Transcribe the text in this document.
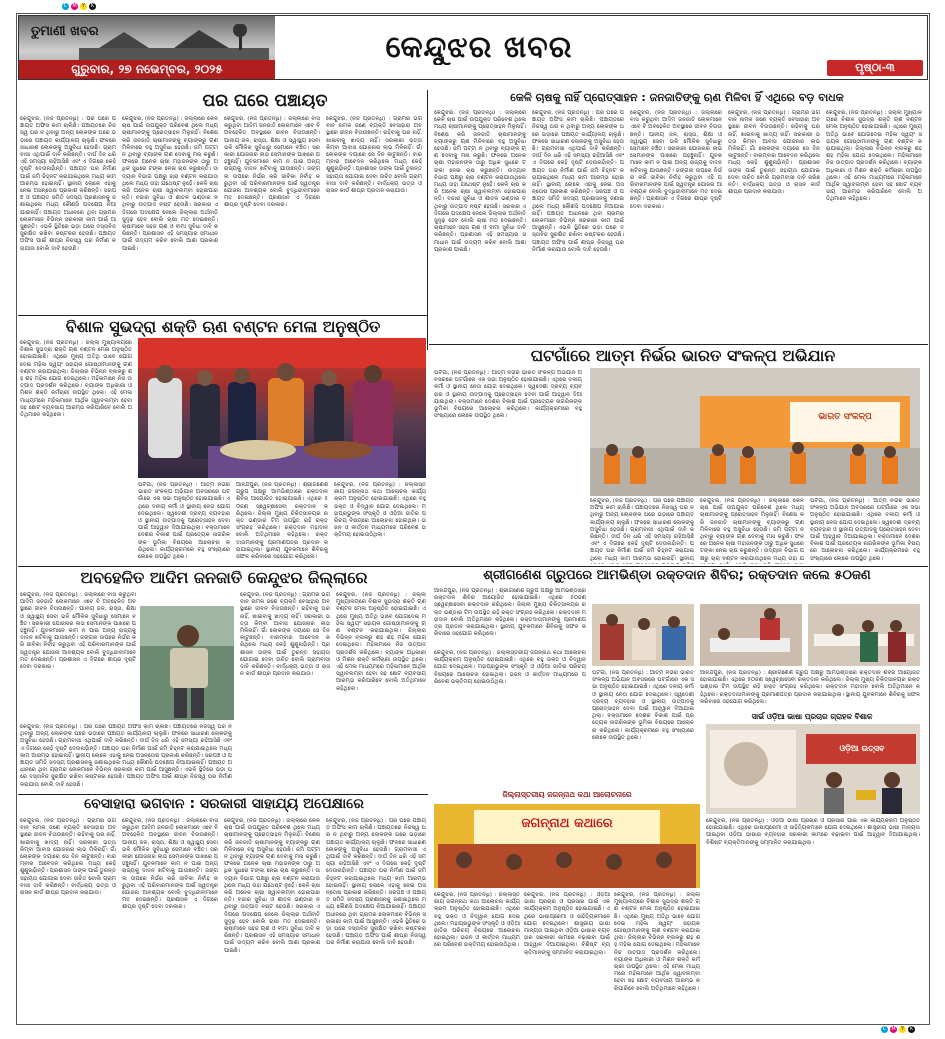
C	M	Y	K
C	M	Y	K
ତୁମାଣୀ ଖବର
ଗୁରୁବାର, ୨୭ ନଭେମ୍ବର, ୨୦୨୫
କେନ୍ଦୁଝର ଖବର
ପୃଷ୍ଠା-୩
ପର ଘରେ ପଞ୍ଚାୟତ
କେନ୍ଦୁଝର, (ନିଜ ପ୍ରତିନିଧି) : ପର ଘରେ ପଞ୍ଚାୟତ ଅଫିସ କାମ ଚାଲିଛି। ପଞ୍ଚାୟତରେ ନିଜସ୍ୱ ଘର ନ ଥିବାରୁ ଅନ୍ୟ ଲୋକଙ୍କ ଘରେ ଭଡ଼ାରେ ପଞ୍ଚାୟତ କାର୍ଯ୍ୟାଳୟ ଚାଲୁଛି। ଫଳରେ ସାଧାରଣ ଲୋକଙ୍କୁ ଅସୁବିଧା ହେଉଛି। ଗ୍ରାମବାସୀ ଏଥିପାଇଁ ଦାବି କରିଛନ୍ତି। ଦୀର୍ଘ ଦିନ ଧରି ଏହି ସମସ୍ୟା ରହିଆସିଛି ଏବଂ ଏ ଦିଗରେ କେହି ଦୃଷ୍ଟି ଦେଉନାହାଁନ୍ତି। ପଞ୍ଚାୟତ ଘର ନିର୍ମାଣ ପାଇଁ ଜମି ଚିହ୍ନଟ କରାଯାଇଥିଲେ ମଧ୍ୟ କାମ ଆରମ୍ଭ ହୋଇନାହିଁ। ସ୍ଥାନୀୟ ଲୋକେ ଏହାକୁ ନେଇ ଅସନ୍ତୋଷ ପ୍ରକାଶ କରିଛନ୍ତି। ସରପଞ୍ଚ ଓ ପଞ୍ଚାୟତ ସମିତି ସଦସ୍ୟ ପ୍ରଶାସନକୁ ଜଣାଇଥିଲେ ମଧ୍ୟ କୌଣସି ପଦକ୍ଷେପ ନିଆଯାଇନାହିଁ। ପଞ୍ଚାୟତ ଅଧୀନରେ ଥିବା ଗ୍ରାମର ଲୋକମାନେ ବିଭିନ୍ନ ସରକାରୀ କାମ ପାଇଁ ଆସୁଛନ୍ତି। ଏଭଳି ସ୍ଥିତିରେ ଭଡ଼ା ଘରେ ଦସ୍ତାବିଜ ସୁରକ୍ଷିତ ରଖିବା କଷ୍ଟକର ହେଉଛି। ପଞ୍ଚାୟତ ଅଫିସ ପାଇଁ ଶୀଘ୍ର ନିଜସ୍ୱ ଘର ନିର୍ମାଣ କରାଯାଉ ବୋଲି ଦାବି ହେଉଛି।
କେନ୍ଦୁଝର, (ନିଜ ପ୍ରତିନିଧି) : ଜିଲ୍ଲାରେ କେଳି ଚାଷ ପାଇଁ ଉପଯୁକ୍ତ ପରିବେଶ ଥିଲେ ମଧ୍ୟ ଚାଷୀମାନଙ୍କୁ ପ୍ରୋତ୍ସାହନ ମିଳୁନାହିଁ। ବିଶେଷ କରି ଜନଜାତି ଚାଷୀମାନଙ୍କୁ ବ୍ୟାଙ୍କରୁ ଋଣ ମିଳିବାରେ ବହୁ ଅସୁବିଧା ହେଉଛି। ଜମି ପଟ୍ଟା ନ ଥିବାରୁ ବ୍ୟାଙ୍କ ଋଣ ଦେବାକୁ ମନା କରୁଛି। ଫଳରେ ଅନେକ ଚାଷୀ ମହାଜନଙ୍କ ଠାରୁ ଅଧିକ ସୁଧରେ ଟଙ୍କା ନେଇ ଚାଷ କରୁଛନ୍ତି। ଉଦ୍ୟାନ ବିଭାଗ ପକ୍ଷରୁ ଚାରା ବଣ୍ଟନ କରାଯାଉଥିଲେ ମଧ୍ୟ ତାହା ଯଥେଷ୍ଟ ନୁହେଁ। କେଳି ଚାଷ କରି ଅନେକ ଚାଷୀ ସ୍ୱାବଲମ୍ବୀ ହୋଇପାରନ୍ତି। ବଜାର ସୁବିଧା ଓ ଶୀତଳ ଭଣ୍ଡାର ନ ଥିବାରୁ ଉତ୍ପାଦ ନଷ୍ଟ ହେଉଛି। ସରକାର ଏ ଦିଗରେ ପଦକ୍ଷେପ ନେଲେ ଜିଲ୍ଲାର ଅର୍ଥନୀତି ସୁଦୃଢ଼ ହେବ ବୋଲି ଚାଷୀ ମତ ଦେଇଛନ୍ତି। ଚାଷୀମାନେ ସହଜ ଋଣ ଓ ବୀମା ସୁବିଧା ଦାବି କରିଛନ୍ତି। ପ୍ରଶାସନ ଏହି ସମସ୍ୟାର ସମାଧାନ ପାଇଁ ଉଦ୍ୟମ କରିବ ବୋଲି ଆଶା ପ୍ରକାଶ ପାଇଛି।
କେନ୍ଦୁଝର, (ନିଜ ପ୍ରତିନିଧି) : ଜିଲ୍ଲାରେ ବାସ କରୁଥିବା ଆଦିମ ଜନଜାତି ଲୋକମାନେ ଏବେ ବି ଅବହେଳିତ ଅବସ୍ଥାରେ ଜୀବନ ବିତାଉଛନ୍ତି। ପାନୀୟ ଜଳ, ରାସ୍ତା, ଶିକ୍ଷା ଓ ସ୍ୱାସ୍ଥ୍ୟ ସେବା ଭଳି ମୌଳିକ ସୁବିଧାରୁ ସେମାନେ ବଞ୍ଚିତ। ସରକାରୀ ଯୋଜନାର ଲାଭ ସେମାନଙ୍କ ପାଖରେ ପହଞ୍ଚୁନାହିଁ। ଯୁବକମାନେ କାମ ନ ପାଇ ଅନ୍ୟ ରାଜ୍ୟକୁ ଦାଦନ ଖଟିବାକୁ ଯାଉଛନ୍ତି। ଜଙ୍ଗଲ ଉପରେ ନିର୍ଭର କରି ଜୀବିକା ନିର୍ବାହ କରୁଥିବା ଏହି ପରିବାରମାନଙ୍କ ପାଇଁ ସ୍ୱତନ୍ତ୍ର ଯୋଜନା ଆବଶ୍ୟକ ବୋଲି ବୁଦ୍ଧିଜୀବୀମାନେ ମତ ଦେଇଛନ୍ତି। ପ୍ରଶାସନ ଏ ଦିଗରେ ଶୀଘ୍ର ଦୃଷ୍ଟି ଦେବା ଦରକାର।
କେନ୍ଦୁଝର, (ନିଜ ପ୍ରତିନିଧି) : ଗ୍ରାମର ଭଗବାନ ନାମକ ଜଣେ ବ୍ୟକ୍ତି ବେସାହାରା ଅବସ୍ଥାରେ ଜୀବନ ବିତାଉଛନ୍ତି। ରହିବାକୁ ଘର ନାହିଁ, ଖାଇବାକୁ ଖାଦ୍ୟ ନାହିଁ। ସରକାରୀ ଭତ୍ତା କିମ୍ବା ଆବାସ ଯୋଜନାର ଲାଭ ମିଳିନାହିଁ। ଗାଁ ଲୋକଙ୍କ ଦୟାରେ ସେ ଦିନ କାଟୁଛନ୍ତି। ବାରମ୍ବାର ଆବେଦନ କରିଥିଲେ ମଧ୍ୟ କେହି ଶୁଣୁନାହାଁନ୍ତି। ପ୍ରଶାସନ ତାଙ୍କ ପାଇଁ ତୁରନ୍ତ ସହାୟତା ଯୋଗାଇ ଦେବା ଉଚିତ ବୋଲି ଗ୍ରାମବାସୀ ଦାବି କରିଛନ୍ତି। ବାର୍ଦ୍ଧକ୍ୟ ଭତ୍ତା ଓ ରାସନ କାର୍ଡ ଶୀଘ୍ର ପ୍ରଦାନ କରାଯାଉ।
କେଳି ଚାଷକୁ ନାହିଁ ପ୍ରୋତ୍ସାହନ : ଜନଜାତିଙ୍କୁ ଋଣ ମିଳିବା ହିଁ ଏଥିରେ ବଡ଼ ବାଧକ
କେନ୍ଦୁଝର, (ନିଜ ପ୍ରତିନିଧି) : ଜିଲ୍ଲାରେ କେଳି ଚାଷ ପାଇଁ ଉପଯୁକ୍ତ ପରିବେଶ ଥିଲେ ମଧ୍ୟ ଚାଷୀମାନଙ୍କୁ ପ୍ରୋତ୍ସାହନ ମିଳୁନାହିଁ। ବିଶେଷ କରି ଜନଜାତି ଚାଷୀମାନଙ୍କୁ ବ୍ୟାଙ୍କରୁ ଋଣ ମିଳିବାରେ ବହୁ ଅସୁବିଧା ହେଉଛି। ଜମି ପଟ୍ଟା ନ ଥିବାରୁ ବ୍ୟାଙ୍କ ଋଣ ଦେବାକୁ ମନା କରୁଛି। ଫଳରେ ଅନେକ ଚାଷୀ ମହାଜନଙ୍କ ଠାରୁ ଅଧିକ ସୁଧରେ ଟଙ୍କା ନେଇ ଚାଷ କରୁଛନ୍ତି। ଉଦ୍ୟାନ ବିଭାଗ ପକ୍ଷରୁ ଚାରା ବଣ୍ଟନ କରାଯାଉଥିଲେ ମଧ୍ୟ ତାହା ଯଥେଷ୍ଟ ନୁହେଁ। କେଳି ଚାଷ କରି ଅନେକ ଚାଷୀ ସ୍ୱାବଲମ୍ବୀ ହୋଇପାରନ୍ତି। ବଜାର ସୁବିଧା ଓ ଶୀତଳ ଭଣ୍ଡାର ନ ଥିବାରୁ ଉତ୍ପାଦ ନଷ୍ଟ ହେଉଛି। ସରକାର ଏ ଦିଗରେ ପଦକ୍ଷେପ ନେଲେ ଜିଲ୍ଲାର ଅର୍ଥନୀତି ସୁଦୃଢ଼ ହେବ ବୋଲି ଚାଷୀ ମତ ଦେଇଛନ୍ତି। ଚାଷୀମାନେ ସହଜ ଋଣ ଓ ବୀମା ସୁବିଧା ଦାବି କରିଛନ୍ତି। ପ୍ରଶାସନ ଏହି ସମସ୍ୟାର ସମାଧାନ ପାଇଁ ଉଦ୍ୟମ କରିବ ବୋଲି ଆଶା ପ୍ରକାଶ ପାଇଛି।
କେନ୍ଦୁଝର, (ନିଜ ପ୍ରତିନିଧି) : ପର ଘରେ ପଞ୍ଚାୟତ ଅଫିସ କାମ ଚାଲିଛି। ପଞ୍ଚାୟତରେ ନିଜସ୍ୱ ଘର ନ ଥିବାରୁ ଅନ୍ୟ ଲୋକଙ୍କ ଘରେ ଭଡ଼ାରେ ପଞ୍ଚାୟତ କାର୍ଯ୍ୟାଳୟ ଚାଲୁଛି। ଫଳରେ ସାଧାରଣ ଲୋକଙ୍କୁ ଅସୁବିଧା ହେଉଛି। ଗ୍ରାମବାସୀ ଏଥିପାଇଁ ଦାବି କରିଛନ୍ତି। ଦୀର୍ଘ ଦିନ ଧରି ଏହି ସମସ୍ୟା ରହିଆସିଛି ଏବଂ ଏ ଦିଗରେ କେହି ଦୃଷ୍ଟି ଦେଉନାହାଁନ୍ତି। ପଞ୍ଚାୟତ ଘର ନିର୍ମାଣ ପାଇଁ ଜମି ଚିହ୍ନଟ କରାଯାଇଥିଲେ ମଧ୍ୟ କାମ ଆରମ୍ଭ ହୋଇନାହିଁ। ସ୍ଥାନୀୟ ଲୋକେ ଏହାକୁ ନେଇ ଅସନ୍ତୋଷ ପ୍ରକାଶ କରିଛନ୍ତି। ସରପଞ୍ଚ ଓ ପଞ୍ଚାୟତ ସମିତି ସଦସ୍ୟ ପ୍ରଶାସନକୁ ଜଣାଇଥିଲେ ମଧ୍ୟ କୌଣସି ପଦକ୍ଷେପ ନିଆଯାଇନାହିଁ। ପଞ୍ଚାୟତ ଅଧୀନରେ ଥିବା ଗ୍ରାମର ଲୋକମାନେ ବିଭିନ୍ନ ସରକାରୀ କାମ ପାଇଁ ଆସୁଛନ୍ତି। ଏଭଳି ସ୍ଥିତିରେ ଭଡ଼ା ଘରେ ଦସ୍ତାବିଜ ସୁରକ୍ଷିତ ରଖିବା କଷ୍ଟକର ହେଉଛି। ପଞ୍ଚାୟତ ଅଫିସ ପାଇଁ ଶୀଘ୍ର ନିଜସ୍ୱ ଘର ନିର୍ମାଣ କରାଯାଉ ବୋଲି ଦାବି ହେଉଛି।
କେନ୍ଦୁଝର, (ନିଜ ପ୍ରତିନିଧି) : ଜିଲ୍ଲାରେ ବାସ କରୁଥିବା ଆଦିମ ଜନଜାତି ଲୋକମାନେ ଏବେ ବି ଅବହେଳିତ ଅବସ୍ଥାରେ ଜୀବନ ବିତାଉଛନ୍ତି। ପାନୀୟ ଜଳ, ରାସ୍ତା, ଶିକ୍ଷା ଓ ସ୍ୱାସ୍ଥ୍ୟ ସେବା ଭଳି ମୌଳିକ ସୁବିଧାରୁ ସେମାନେ ବଞ୍ଚିତ। ସରକାରୀ ଯୋଜନାର ଲାଭ ସେମାନଙ୍କ ପାଖରେ ପହଞ୍ଚୁନାହିଁ। ଯୁବକମାନେ କାମ ନ ପାଇ ଅନ୍ୟ ରାଜ୍ୟକୁ ଦାଦନ ଖଟିବାକୁ ଯାଉଛନ୍ତି। ଜଙ୍ଗଲ ଉପରେ ନିର୍ଭର କରି ଜୀବିକା ନିର୍ବାହ କରୁଥିବା ଏହି ପରିବାରମାନଙ୍କ ପାଇଁ ସ୍ୱତନ୍ତ୍ର ଯୋଜନା ଆବଶ୍ୟକ ବୋଲି ବୁଦ୍ଧିଜୀବୀମାନେ ମତ ଦେଇଛନ୍ତି। ପ୍ରଶାସନ ଏ ଦିଗରେ ଶୀଘ୍ର ଦୃଷ୍ଟି ଦେବା ଦରକାର।
କେନ୍ଦୁଝର, (ନିଜ ପ୍ରତିନିଧି) : ଗ୍ରାମର ଭଗବାନ ନାମକ ଜଣେ ବ୍ୟକ୍ତି ବେସାହାରା ଅବସ୍ଥାରେ ଜୀବନ ବିତାଉଛନ୍ତି। ରହିବାକୁ ଘର ନାହିଁ, ଖାଇବାକୁ ଖାଦ୍ୟ ନାହିଁ। ସରକାରୀ ଭତ୍ତା କିମ୍ବା ଆବାସ ଯୋଜନାର ଲାଭ ମିଳିନାହିଁ। ଗାଁ ଲୋକଙ୍କ ଦୟାରେ ସେ ଦିନ କାଟୁଛନ୍ତି। ବାରମ୍ବାର ଆବେଦନ କରିଥିଲେ ମଧ୍ୟ କେହି ଶୁଣୁନାହାଁନ୍ତି। ପ୍ରଶାସନ ତାଙ୍କ ପାଇଁ ତୁରନ୍ତ ସହାୟତା ଯୋଗାଇ ଦେବା ଉଚିତ ବୋଲି ଗ୍ରାମବାସୀ ଦାବି କରିଛନ୍ତି। ବାର୍ଦ୍ଧକ୍ୟ ଭତ୍ତା ଓ ରାସନ କାର୍ଡ ଶୀଘ୍ର ପ୍ରଦାନ କରାଯାଉ।
କେନ୍ଦୁଝର, (ନିଜ ପ୍ରତିନିଧି) : ଜିଲ୍ଲା ମୁଖ୍ୟାଳୟରେ ବିଶାଳ ସୁଭଦ୍ରା ଶକ୍ତି ଋଣ ବଣ୍ଟନ ମେଳା ଅନୁଷ୍ଠିତ ହୋଇଯାଇଛି। ଏଥିରେ ମୁଖ୍ୟ ଅତିଥି ଭାବେ ଯୋଗଦେଇ ମହିଳା ସ୍ୱୟଂ ସହାୟକ ଗୋଷ୍ଠୀମାନଙ୍କୁ ଋଣ ବଣ୍ଟନ କରାଯାଇଥିଲା। ଜିଲ୍ଲାର ବିଭିନ୍ନ ବ୍ଲକରୁ ଶହ ଶହ ମହିଳା ଯୋଗ ଦେଇଥିଲେ। ମହିଳାମାନେ ନିଜ ଉତ୍ପାଦ ପ୍ରଦର୍ଶନ କରିଥିଲେ। ବ୍ୟାଙ୍କ ଅଧିକାରୀ ଓ ମିଶନ ଶକ୍ତି କର୍ମଚାରୀ ଉପସ୍ଥିତ ଥିଲେ। ଏହି ମେଳା ମାଧ୍ୟମରେ ମହିଳାମାନେ ଆର୍ଥିକ ସ୍ୱାବଲମ୍ବୀ ହେବା ସହ ଛୋଟ ବ୍ୟବସାୟ ଆରମ୍ଭ କରିପାରିବେ ବୋଲି ଅତିଥିମାନେ କହିଥିଲେ।
ବିଶାଳ ସୁଭଦ୍ରା ଶକ୍ତି ଋଣ ବଣ୍ଟନ ମେଳା ଅନୁଷ୍ଠିତ
କେନ୍ଦୁଝର, (ନିଜ ପ୍ରତିନିଧି) : ଜିଲ୍ଲା ମୁଖ୍ୟାଳୟରେ ବିଶାଳ ସୁଭଦ୍ରା ଶକ୍ତି ଋଣ ବଣ୍ଟନ ମେଳା ଅନୁଷ୍ଠିତ ହୋଇଯାଇଛି। ଏଥିରେ ମୁଖ୍ୟ ଅତିଥି ଭାବେ ଯୋଗଦେଇ ମହିଳା ସ୍ୱୟଂ ସହାୟକ ଗୋଷ୍ଠୀମାନଙ୍କୁ ଋଣ ବଣ୍ଟନ କରାଯାଇଥିଲା। ଜିଲ୍ଲାର ବିଭିନ୍ନ ବ୍ଲକରୁ ଶହ ଶହ ମହିଳା ଯୋଗ ଦେଇଥିଲେ। ମହିଳାମାନେ ନିଜ ଉତ୍ପାଦ ପ୍ରଦର୍ଶନ କରିଥିଲେ। ବ୍ୟାଙ୍କ ଅଧିକାରୀ ଓ ମିଶନ ଶକ୍ତି କର୍ମଚାରୀ ଉପସ୍ଥିତ ଥିଲେ। ଏହି ମେଳା ମାଧ୍ୟମରେ ମହିଳାମାନେ ଆର୍ଥିକ ସ୍ୱାବଲମ୍ବୀ ହେବା ସହ ଛୋଟ ବ୍ୟବସାୟ ଆରମ୍ଭ କରିପାରିବେ ବୋଲି ଅତିଥିମାନେ କହିଥିଲେ।
ଘଟଗାଁ, (ନିଜ ପ୍ରତିନିଧି) : ଆତ୍ମ ନିର୍ଭର ଭାରତ ସଂକଳ୍ପ ଅଭିଯାନ ଅବସରରେ ଘଟଗାଁରେ ଏକ ସଭା ଅନୁଷ୍ଠିତ ହୋଇଯାଇଛି। ଏଥିରେ ଦଳୀୟ କର୍ମୀ ଓ ସ୍ଥାନୀୟ ନେତା ଯୋଗ ଦେଇଥିଲେ। ସ୍ୱଦେଶୀ ଦ୍ରବ୍ୟ ବ୍ୟବହାର ଓ ସ୍ଥାନୀୟ ଉତ୍ପାଦକୁ ପ୍ରୋତ୍ସାହନ ଦେବା ପାଇଁ ଆହ୍ୱାନ ଦିଆଯାଇଥିଲା। ବକ୍ତାମାନେ ଦେଶର ବିକାଶ ପାଇଁ ପ୍ରତ୍ୟେକ ନାଗରିକଙ୍କ ଭୂମିକା ବିଷୟରେ ଆଲୋଚନା କରିଥିଲେ। କାର୍ଯ୍ୟକ୍ରମରେ ବହୁ ସଂଖ୍ୟାରେ ଲୋକେ ଉପସ୍ଥିତ ଥିଲେ।
ଆନନ୍ଦପୁର, (ନିଜ ପ୍ରତିନିଧି) : ଶ୍ରୀଗଣେଶ ଗ୍ରୁପ ପକ୍ଷରୁ ଆମଭିଣ୍ଡାରେ ରକ୍ତଦାନ ଶିବିର ଆୟୋଜିତ ହୋଇଯାଇଛି। ଏଥିରେ ୫୦ଜଣ ସ୍ୱେଚ୍ଛାସେବୀ ରକ୍ତଦାନ କରିଥିଲେ। ଜିଲ୍ଲା ମୁଖ୍ୟ ଚିକିତ୍ସାଳୟର ରକ୍ତ ଭଣ୍ଡାର ଟିମ ଉପସ୍ଥିତ ରହି ରକ୍ତ ସଂଗ୍ରହ କରିଥିଲେ। ରକ୍ତଦାନ ମହାଦାନ ବୋଲି ଅତିଥିମାନେ କହିଥିଲେ। ରକ୍ତଦାତାମାନଙ୍କୁ ପ୍ରମାଣପତ୍ର ପ୍ରଦାନ କରାଯାଇଥିଲା। ସ୍ଥାନୀୟ ଯୁବକମାନେ ଶିବିରକୁ ସଫଳ କରିବାରେ ସହଯୋଗ କରିଥିଲେ।
କେନ୍ଦୁଝର, (ନିଜ ପ୍ରତିନିଧି) : ଜିଲ୍ଲାସ୍ତରୀୟ ଜଗନ୍ନାଥ କଥା ଆଲୋଚନା କାର୍ଯ୍ୟକ୍ରମ ଅନୁଷ୍ଠିତ ହୋଇଯାଇଛି। ଏଥିରେ ବହୁ ଭକ୍ତ ଓ ବିଦ୍ୱାନ ଯୋଗ ଦେଇଥିଲେ। ମହାପ୍ରଭୁଙ୍କ ସଂସ୍କୃତି ଓ ଓଡ଼ିଆ ଜାତିର ପରିଚୟ ବିଷୟରେ ଆଲୋଚନା ହୋଇଥିଲା। ଭଜନ ଓ କୀର୍ତ୍ତନ ମାଧ୍ୟମରେ ପରିବେଶ ଭକ୍ତିମୟ ହୋଇଉଠିଥିଲା।
ଘଟଗାଁରେ ଆତ୍ମ ନିର୍ଭର ଭାରତ ସଂକଳ୍ପ ଅଭିଯାନ
ଘଟଗାଁ, (ନିଜ ପ୍ରତିନିଧି) : ଆତ୍ମ ନିର୍ଭର ଭାରତ ସଂକଳ୍ପ ଅଭିଯାନ ଅବସରରେ ଘଟଗାଁରେ ଏକ ସଭା ଅନୁଷ୍ଠିତ ହୋଇଯାଇଛି। ଏଥିରେ ଦଳୀୟ କର୍ମୀ ଓ ସ୍ଥାନୀୟ ନେତା ଯୋଗ ଦେଇଥିଲେ। ସ୍ୱଦେଶୀ ଦ୍ରବ୍ୟ ବ୍ୟବହାର ଓ ସ୍ଥାନୀୟ ଉତ୍ପାଦକୁ ପ୍ରୋତ୍ସାହନ ଦେବା ପାଇଁ ଆହ୍ୱାନ ଦିଆଯାଇଥିଲା। ବକ୍ତାମାନେ ଦେଶର ବିକାଶ ପାଇଁ ପ୍ରତ୍ୟେକ ନାଗରିକଙ୍କ ଭୂମିକା ବିଷୟରେ ଆଲୋଚନା କରିଥିଲେ। କାର୍ଯ୍ୟକ୍ରମରେ ବହୁ ସଂଖ୍ୟାରେ ଲୋକେ ଉପସ୍ଥିତ ଥିଲେ।	ଭାରତ ସଂକଳ୍ପ
କେନ୍ଦୁଝର, (ନିଜ ପ୍ରତିନିଧି) : ପର ଘରେ ପଞ୍ଚାୟତ ଅଫିସ କାମ ଚାଲିଛି। ପଞ୍ଚାୟତରେ ନିଜସ୍ୱ ଘର ନ ଥିବାରୁ ଅନ୍ୟ ଲୋକଙ୍କ ଘରେ ଭଡ଼ାରେ ପଞ୍ଚାୟତ କାର୍ଯ୍ୟାଳୟ ଚାଲୁଛି। ଫଳରେ ସାଧାରଣ ଲୋକଙ୍କୁ ଅସୁବିଧା ହେଉଛି। ଗ୍ରାମବାସୀ ଏଥିପାଇଁ ଦାବି କରିଛନ୍ତି। ଦୀର୍ଘ ଦିନ ଧରି ଏହି ସମସ୍ୟା ରହିଆସିଛି ଏବଂ ଏ ଦିଗରେ କେହି ଦୃଷ୍ଟି ଦେଉନାହାଁନ୍ତି। ପଞ୍ଚାୟତ ଘର ନିର୍ମାଣ ପାଇଁ ଜମି ଚିହ୍ନଟ କରାଯାଇଥିଲେ ମଧ୍ୟ କାମ ଆରମ୍ଭ ହୋଇନାହିଁ। ସ୍ଥାନୀୟ
କେନ୍ଦୁଝର, (ନିଜ ପ୍ରତିନିଧି) : ଜିଲ୍ଲାରେ କେଳି ଚାଷ ପାଇଁ ଉପଯୁକ୍ତ ପରିବେଶ ଥିଲେ ମଧ୍ୟ ଚାଷୀମାନଙ୍କୁ ପ୍ରୋତ୍ସାହନ ମିଳୁନାହିଁ। ବିଶେଷ କରି ଜନଜାତି ଚାଷୀମାନଙ୍କୁ ବ୍ୟାଙ୍କରୁ ଋଣ ମିଳିବାରେ ବହୁ ଅସୁବିଧା ହେଉଛି। ଜମି ପଟ୍ଟା ନ ଥିବାରୁ ବ୍ୟାଙ୍କ ଋଣ ଦେବାକୁ ମନା କରୁଛି। ଫଳରେ ଅନେକ ଚାଷୀ ମହାଜନଙ୍କ ଠାରୁ ଅଧିକ ସୁଧରେ ଟଙ୍କା ନେଇ ଚାଷ କରୁଛନ୍ତି। ଉଦ୍ୟାନ ବିଭାଗ ପକ୍ଷରୁ ଚାରା ବଣ୍ଟନ କରାଯାଉଥିଲେ ମଧ୍ୟ ତାହା ଯ
ଘଟଗାଁ, (ନିଜ ପ୍ରତିନିଧି) : ଆତ୍ମ ନିର୍ଭର ଭାରତ ସଂକଳ୍ପ ଅଭିଯାନ ଅବସରରେ ଘଟଗାଁରେ ଏକ ସଭା ଅନୁଷ୍ଠିତ ହୋଇଯାଇଛି। ଏଥିରେ ଦଳୀୟ କର୍ମୀ ଓ ସ୍ଥାନୀୟ ନେତା ଯୋଗ ଦେଇଥିଲେ। ସ୍ୱଦେଶୀ ଦ୍ରବ୍ୟ ବ୍ୟବହାର ଓ ସ୍ଥାନୀୟ ଉତ୍ପାଦକୁ ପ୍ରୋତ୍ସାହନ ଦେବା ପାଇଁ ଆହ୍ୱାନ ଦିଆଯାଇଥିଲା। ବକ୍ତାମାନେ ଦେଶର ବିକାଶ ପାଇଁ ପ୍ରତ୍ୟେକ ନାଗରିକଙ୍କ ଭୂମିକା ବିଷୟରେ ଆଲୋଚନା କରିଥିଲେ। କାର୍ଯ୍ୟକ୍ରମରେ ବହୁ ସଂଖ୍ୟାରେ ଲୋକେ ଉପସ୍ଥିତ ଥିଲେ।
ଅବହେଳିତ ଆଦିମ ଜନଜାତି କେନ୍ଦୁଝର ଜିଲ୍ଲାରେ
କେନ୍ଦୁଝର, (ନିଜ ପ୍ରତିନିଧି) : ଜିଲ୍ଲାରେ ବାସ କରୁଥିବା ଆଦିମ ଜନଜାତି ଲୋକମାନେ ଏବେ ବି ଅବହେଳିତ ଅବସ୍ଥାରେ ଜୀବନ ବିତାଉଛନ୍ତି। ପାନୀୟ ଜଳ, ରାସ୍ତା, ଶିକ୍ଷା ଓ ସ୍ୱାସ୍ଥ୍ୟ ସେବା ଭଳି ମୌଳିକ ସୁବିଧାରୁ ସେମାନେ ବଞ୍ଚିତ। ସରକାରୀ ଯୋଜନାର ଲାଭ ସେମାନଙ୍କ ପାଖରେ ପହଞ୍ଚୁନାହିଁ। ଯୁବକମାନେ କାମ ନ ପାଇ ଅନ୍ୟ ରାଜ୍ୟକୁ ଦାଦନ ଖଟିବାକୁ ଯାଉଛନ୍ତି। ଜଙ୍ଗଲ ଉପରେ ନିର୍ଭର କରି ଜୀବିକା ନିର୍ବାହ କରୁଥିବା ଏହି ପରିବାରମାନଙ୍କ ପାଇଁ ସ୍ୱତନ୍ତ୍ର ଯୋଜନା ଆବଶ୍ୟକ ବୋଲି ବୁଦ୍ଧିଜୀବୀମାନେ ମତ ଦେଇଛନ୍ତି। ପ୍ରଶାସନ ଏ ଦିଗରେ ଶୀଘ୍ର ଦୃଷ୍ଟି ଦେବା ଦରକାର।
କେନ୍ଦୁଝର, (ନିଜ ପ୍ରତିନିଧି) : ଗ୍ରାମର ଭଗବାନ ନାମକ ଜଣେ ବ୍ୟକ୍ତି ବେସାହାରା ଅବସ୍ଥାରେ ଜୀବନ ବିତାଉଛନ୍ତି। ରହିବାକୁ ଘର ନାହିଁ, ଖାଇବାକୁ ଖାଦ୍ୟ ନାହିଁ। ସରକାରୀ ଭତ୍ତା କିମ୍ବା ଆବାସ ଯୋଜନାର ଲାଭ ମିଳିନାହିଁ। ଗାଁ ଲୋକଙ୍କ ଦୟାରେ ସେ ଦିନ କାଟୁଛନ୍ତି। ବାରମ୍ବାର ଆବେଦନ କରିଥିଲେ ମଧ୍ୟ କେହି ଶୁଣୁନାହାଁନ୍ତି। ପ୍ରଶାସନ ତାଙ୍କ ପାଇଁ ତୁରନ୍ତ ସହାୟତା ଯୋଗାଇ ଦେବା ଉଚିତ ବୋଲି ଗ୍ରାମବାସୀ ଦାବି କରିଛନ୍ତି। ବାର୍ଦ୍ଧକ୍ୟ ଭତ୍ତା ଓ ରାସନ କାର୍ଡ ଶୀଘ୍ର ପ୍ରଦାନ କରାଯାଉ।
କେନ୍ଦୁଝର, (ନିଜ ପ୍ରତିନିଧି) : ଜିଲ୍ଲା ମୁଖ୍ୟାଳୟରେ ବିଶାଳ ସୁଭଦ୍ରା ଶକ୍ତି ଋଣ ବଣ୍ଟନ ମେଳା ଅନୁଷ୍ଠିତ ହୋଇଯାଇଛି। ଏଥିରେ ମୁଖ୍ୟ ଅତିଥି ଭାବେ ଯୋଗଦେଇ ମହିଳା ସ୍ୱୟଂ ସହାୟକ ଗୋଷ୍ଠୀମାନଙ୍କୁ ଋଣ ବଣ୍ଟନ କରାଯାଇଥିଲା। ଜିଲ୍ଲାର ବିଭିନ୍ନ ବ୍ଲକରୁ ଶହ ଶହ ମହିଳା ଯୋଗ ଦେଇଥିଲେ। ମହିଳାମାନେ ନିଜ ଉତ୍ପାଦ ପ୍ରଦର୍ଶନ କରିଥିଲେ। ବ୍ୟାଙ୍କ ଅଧିକାରୀ ଓ ମିଶନ ଶକ୍ତି କର୍ମଚାରୀ ଉପସ୍ଥିତ ଥିଲେ। ଏହି ମେଳା ମାଧ୍ୟମରେ ମହିଳାମାନେ ଆର୍ଥିକ ସ୍ୱାବଲମ୍ବୀ ହେବା ସହ ଛୋଟ ବ୍ୟବସାୟ ଆରମ୍ଭ କରିପାରିବେ ବୋଲି ଅତିଥିମାନେ କହିଥିଲେ।
କେନ୍ଦୁଝର, (ନିଜ ପ୍ରତିନିଧି) : ପର ଘରେ ପଞ୍ଚାୟତ ଅଫିସ କାମ ଚାଲିଛି। ପଞ୍ଚାୟତରେ ନିଜସ୍ୱ ଘର ନ ଥିବାରୁ ଅନ୍ୟ ଲୋକଙ୍କ ଘରେ ଭଡ଼ାରେ ପଞ୍ଚାୟତ କାର୍ଯ୍ୟାଳୟ ଚାଲୁଛି। ଫଳରେ ସାଧାରଣ ଲୋକଙ୍କୁ ଅସୁବିଧା ହେଉଛି। ଗ୍ରାମବାସୀ ଏଥିପାଇଁ ଦାବି କରିଛନ୍ତି। ଦୀର୍ଘ ଦିନ ଧରି ଏହି ସମସ୍ୟା ରହିଆସିଛି ଏବଂ ଏ ଦିଗରେ କେହି ଦୃଷ୍ଟି ଦେଉନାହାଁନ୍ତି। ପଞ୍ଚାୟତ ଘର ନିର୍ମାଣ ପାଇଁ ଜମି ଚିହ୍ନଟ କରାଯାଇଥିଲେ ମଧ୍ୟ କାମ ଆରମ୍ଭ ହୋଇନାହିଁ। ସ୍ଥାନୀୟ ଲୋକେ ଏହାକୁ ନେଇ ଅସନ୍ତୋଷ ପ୍ରକାଶ କରିଛନ୍ତି। ସରପଞ୍ଚ ଓ ପଞ୍ଚାୟତ ସମିତି ସଦସ୍ୟ ପ୍ରଶାସନକୁ ଜଣାଇଥିଲେ ମଧ୍ୟ କୌଣସି ପଦକ୍ଷେପ ନିଆଯାଇନାହିଁ। ପଞ୍ଚାୟତ ଅଧୀନରେ ଥିବା ଗ୍ରାମର ଲୋକମାନେ ବିଭିନ୍ନ ସରକାରୀ କାମ ପାଇଁ ଆସୁଛନ୍ତି। ଏଭଳି ସ୍ଥିତିରେ ଭଡ଼ା ଘରେ ଦସ୍ତାବିଜ ସୁରକ୍ଷିତ ରଖିବା କଷ୍ଟକର ହେଉଛି। ପଞ୍ଚାୟତ ଅଫିସ ପାଇଁ ଶୀଘ୍ର ନିଜସ୍ୱ ଘର ନିର୍ମାଣ କରାଯାଉ ବୋଲି ଦାବି ହେଉଛି।
ଶ୍ରୀଗଣେଶ ଗ୍ରୁପରେ ଆମଭିଣ୍ଡା ରକ୍ତଦାନ ଶିବିର; ରକ୍ତଦାନ କଲେ ୫୦ଜଣ
ଆନନ୍ଦପୁର, (ନିଜ ପ୍ରତିନିଧି) : ଶ୍ରୀଗଣେଶ ଗ୍ରୁପ ପକ୍ଷରୁ ଆମଭିଣ୍ଡାରେ ରକ୍ତଦାନ ଶିବିର ଆୟୋଜିତ ହୋଇଯାଇଛି। ଏଥିରେ ୫୦ଜଣ ସ୍ୱେଚ୍ଛାସେବୀ ରକ୍ତଦାନ କରିଥିଲେ। ଜିଲ୍ଲା ମୁଖ୍ୟ ଚିକିତ୍ସାଳୟର ରକ୍ତ ଭଣ୍ଡାର ଟିମ ଉପସ୍ଥିତ ରହି ରକ୍ତ ସଂଗ୍ରହ କରିଥିଲେ। ରକ୍ତଦାନ ମହାଦାନ ବୋଲି ଅତିଥିମାନେ କହିଥିଲେ। ରକ୍ତଦାତାମାନଙ୍କୁ ପ୍ରମାଣପତ୍ର ପ୍ରଦାନ କରାଯାଇଥିଲା। ସ୍ଥାନୀୟ ଯୁବକମାନେ ଶିବିରକୁ ସଫଳ କରିବାରେ ସହଯୋଗ କରିଥିଲେ।
କେନ୍ଦୁଝର, (ନିଜ ପ୍ରତିନିଧି) : ଜିଲ୍ଲାସ୍ତରୀୟ ଜଗନ୍ନାଥ କଥା ଆଲୋଚନା କାର୍ଯ୍ୟକ୍ରମ ଅନୁଷ୍ଠିତ ହୋଇଯାଇଛି। ଏଥିରେ ବହୁ ଭକ୍ତ ଓ ବିଦ୍ୱାନ ଯୋଗ ଦେଇଥିଲେ। ମହାପ୍ରଭୁଙ୍କ ସଂସ୍କୃତି ଓ ଓଡ଼ିଆ ଜାତିର ପରିଚୟ ବିଷୟରେ ଆଲୋଚନା ହୋଇଥିଲା। ଭଜନ ଓ କୀର୍ତ୍ତନ ମାଧ୍ୟମରେ ପରିବେଶ ଭକ୍ତିମୟ ହୋଇଉଠିଥିଲା।
ଘଟଗାଁ, (ନିଜ ପ୍ରତିନିଧି) : ଆତ୍ମ ନିର୍ଭର ଭାରତ ସଂକଳ୍ପ ଅଭିଯାନ ଅବସରରେ ଘଟଗାଁରେ ଏକ ସଭା ଅନୁଷ୍ଠିତ ହୋଇଯାଇଛି। ଏଥିରେ ଦଳୀୟ କର୍ମୀ ଓ ସ୍ଥାନୀୟ ନେତା ଯୋଗ ଦେଇଥିଲେ। ସ୍ୱଦେଶୀ ଦ୍ରବ୍ୟ ବ୍ୟବହାର ଓ ସ୍ଥାନୀୟ ଉତ୍ପାଦକୁ ପ୍ରୋତ୍ସାହନ ଦେବା ପାଇଁ ଆହ୍ୱାନ ଦିଆଯାଇଥିଲା। ବକ୍ତାମାନେ ଦେଶର ବିକାଶ ପାଇଁ ପ୍ରତ୍ୟେକ ନାଗରିକଙ୍କ ଭୂମିକା ବିଷୟରେ ଆଲୋଚନା କରିଥିଲେ। କାର୍ଯ୍ୟକ୍ରମରେ ବହୁ ସଂଖ୍ୟାରେ ଲୋକେ ଉପସ୍ଥିତ ଥିଲେ।
ଆନନ୍ଦପୁର, (ନିଜ ପ୍ରତିନିଧି) : ଶ୍ରୀଗଣେଶ ଗ୍ରୁପ ପକ୍ଷରୁ ଆମଭିଣ୍ଡାରେ ରକ୍ତଦାନ ଶିବିର ଆୟୋଜିତ ହୋଇଯାଇଛି। ଏଥିରେ ୫୦ଜଣ ସ୍ୱେଚ୍ଛାସେବୀ ରକ୍ତଦାନ କରିଥିଲେ। ଜିଲ୍ଲା ମୁଖ୍ୟ ଚିକିତ୍ସାଳୟର ରକ୍ତ ଭଣ୍ଡାର ଟିମ ଉପସ୍ଥିତ ରହି ରକ୍ତ ସଂଗ୍ରହ କରିଥିଲେ। ରକ୍ତଦାନ ମହାଦାନ ବୋଲି ଅତିଥିମାନେ କହିଥିଲେ। ରକ୍ତଦାତାମାନଙ୍କୁ ପ୍ରମାଣପତ୍ର ପ୍ରଦାନ କରାଯାଇଥିଲା। ସ୍ଥାନୀୟ ଯୁବକମାନେ ଶିବିରକୁ ସଫଳ କରିବାରେ ସହଯୋଗ କରିଥିଲେ।
ସାର୍ଭ ଓଡ଼ିଆ ଭାଷା ପ୍ରଚାର ଗ୍ରାହକ ବିଶାଳ
ଓଡ଼ିଆ ଉତ୍ସବ
ବେସାହାରା ଭଗବାନ : ସରକାରୀ ସାହାଯ୍ୟ ଅପେକ୍ଷାରେ
କେନ୍ଦୁଝର, (ନିଜ ପ୍ରତିନିଧି) : ଗ୍ରାମର ଭଗବାନ ନାମକ ଜଣେ ବ୍ୟକ୍ତି ବେସାହାରା ଅବସ୍ଥାରେ ଜୀବନ ବିତାଉଛନ୍ତି। ରହିବାକୁ ଘର ନାହିଁ, ଖାଇବାକୁ ଖାଦ୍ୟ ନାହିଁ। ସରକାରୀ ଭତ୍ତା କିମ୍ବା ଆବାସ ଯୋଜନାର ଲାଭ ମିଳିନାହିଁ। ଗାଁ ଲୋକଙ୍କ ଦୟାରେ ସେ ଦିନ କାଟୁଛନ୍ତି। ବାରମ୍ବାର ଆବେଦନ କରିଥିଲେ ମଧ୍ୟ କେହି ଶୁଣୁନାହାଁନ୍ତି। ପ୍ରଶାସନ ତାଙ୍କ ପାଇଁ ତୁରନ୍ତ ସହାୟତା ଯୋଗାଇ ଦେବା ଉଚିତ ବୋଲି ଗ୍ରାମବାସୀ ଦାବି କରିଛନ୍ତି। ବାର୍ଦ୍ଧକ୍ୟ ଭତ୍ତା ଓ ରାସନ କାର୍ଡ ଶୀଘ୍ର ପ୍ରଦାନ କରାଯାଉ।
କେନ୍ଦୁଝର, (ନିଜ ପ୍ରତିନିଧି) : ଜିଲ୍ଲାରେ ବାସ କରୁଥିବା ଆଦିମ ଜନଜାତି ଲୋକମାନେ ଏବେ ବି ଅବହେଳିତ ଅବସ୍ଥାରେ ଜୀବନ ବିତାଉଛନ୍ତି। ପାନୀୟ ଜଳ, ରାସ୍ତା, ଶିକ୍ଷା ଓ ସ୍ୱାସ୍ଥ୍ୟ ସେବା ଭଳି ମୌଳିକ ସୁବିଧାରୁ ସେମାନେ ବଞ୍ଚିତ। ସରକାରୀ ଯୋଜନାର ଲାଭ ସେମାନଙ୍କ ପାଖରେ ପହଞ୍ଚୁନାହିଁ। ଯୁବକମାନେ କାମ ନ ପାଇ ଅନ୍ୟ ରାଜ୍ୟକୁ ଦାଦନ ଖଟିବାକୁ ଯାଉଛନ୍ତି। ଜଙ୍ଗଲ ଉପରେ ନିର୍ଭର କରି ଜୀବିକା ନିର୍ବାହ କରୁଥିବା ଏହି ପରିବାରମାନଙ୍କ ପାଇଁ ସ୍ୱତନ୍ତ୍ର ଯୋଜନା ଆବଶ୍ୟକ ବୋଲି ବୁଦ୍ଧିଜୀବୀମାନେ ମତ ଦେଇଛନ୍ତି। ପ୍ରଶାସନ ଏ ଦିଗରେ ଶୀଘ୍ର ଦୃଷ୍ଟି ଦେବା ଦରକାର।
କେନ୍ଦୁଝର, (ନିଜ ପ୍ରତିନିଧି) : ଜିଲ୍ଲାରେ କେଳି ଚାଷ ପାଇଁ ଉପଯୁକ୍ତ ପରିବେଶ ଥିଲେ ମଧ୍ୟ ଚାଷୀମାନଙ୍କୁ ପ୍ରୋତ୍ସାହନ ମିଳୁନାହିଁ। ବିଶେଷ କରି ଜନଜାତି ଚାଷୀମାନଙ୍କୁ ବ୍ୟାଙ୍କରୁ ଋଣ ମିଳିବାରେ ବହୁ ଅସୁବିଧା ହେଉଛି। ଜମି ପଟ୍ଟା ନ ଥିବାରୁ ବ୍ୟାଙ୍କ ଋଣ ଦେବାକୁ ମନା କରୁଛି। ଫଳରେ ଅନେକ ଚାଷୀ ମହାଜନଙ୍କ ଠାରୁ ଅଧିକ ସୁଧରେ ଟଙ୍କା ନେଇ ଚାଷ କରୁଛନ୍ତି। ଉଦ୍ୟାନ ବିଭାଗ ପକ୍ଷରୁ ଚାରା ବଣ୍ଟନ କରାଯାଉଥିଲେ ମଧ୍ୟ ତାହା ଯଥେଷ୍ଟ ନୁହେଁ। କେଳି ଚାଷ କରି ଅନେକ ଚାଷୀ ସ୍ୱାବଲମ୍ବୀ ହୋଇପାରନ୍ତି। ବଜାର ସୁବିଧା ଓ ଶୀତଳ ଭଣ୍ଡାର ନ ଥିବାରୁ ଉତ୍ପାଦ ନଷ୍ଟ ହେଉଛି। ସରକାର ଏ ଦିଗରେ ପଦକ୍ଷେପ ନେଲେ ଜିଲ୍ଲାର ଅର୍ଥନୀତି ସୁଦୃଢ଼ ହେବ ବୋଲି ଚାଷୀ ମତ ଦେଇଛନ୍ତି। ଚାଷୀମାନେ ସହଜ ଋଣ ଓ ବୀମା ସୁବିଧା ଦାବି କରିଛନ୍ତି। ପ୍ରଶାସନ ଏହି ସମସ୍ୟାର ସମାଧାନ ପାଇଁ ଉଦ୍ୟମ କରିବ ବୋଲି ଆଶା ପ୍ରକାଶ ପାଇଛି।
କେନ୍ଦୁଝର, (ନିଜ ପ୍ରତିନିଧି) : ପର ଘରେ ପଞ୍ଚାୟତ ଅଫିସ କାମ ଚାଲିଛି। ପଞ୍ଚାୟତରେ ନିଜସ୍ୱ ଘର ନ ଥିବାରୁ ଅନ୍ୟ ଲୋକଙ୍କ ଘରେ ଭଡ଼ାରେ ପଞ୍ଚାୟତ କାର୍ଯ୍ୟାଳୟ ଚାଲୁଛି। ଫଳରେ ସାଧାରଣ ଲୋକଙ୍କୁ ଅସୁବିଧା ହେଉଛି। ଗ୍ରାମବାସୀ ଏଥିପାଇଁ ଦାବି କରିଛନ୍ତି। ଦୀର୍ଘ ଦିନ ଧରି ଏହି ସମସ୍ୟା ରହିଆସିଛି ଏବଂ ଏ ଦିଗରେ କେହି ଦୃଷ୍ଟି ଦେଉନାହାଁନ୍ତି। ପଞ୍ଚାୟତ ଘର ନିର୍ମାଣ ପାଇଁ ଜମି ଚିହ୍ନଟ କରାଯାଇଥିଲେ ମଧ୍ୟ କାମ ଆରମ୍ଭ ହୋଇନାହିଁ। ସ୍ଥାନୀୟ ଲୋକେ ଏହାକୁ ନେଇ ଅସନ୍ତୋଷ ପ୍ରକାଶ କରିଛନ୍ତି। ସରପଞ୍ଚ ଓ ପଞ୍ଚାୟତ ସମିତି ସଦସ୍ୟ ପ୍ରଶାସନକୁ ଜଣାଇଥିଲେ ମଧ୍ୟ କୌଣସି ପଦକ୍ଷେପ ନିଆଯାଇନାହିଁ। ପଞ୍ଚାୟତ ଅଧୀନରେ ଥିବା ଗ୍ରାମର ଲୋକମାନେ ବିଭିନ୍ନ ସରକାରୀ କାମ ପାଇଁ ଆସୁଛନ୍ତି। ଏଭଳି ସ୍ଥିତିରେ ଭଡ଼ା ଘରେ ଦସ୍ତାବିଜ ସୁରକ୍ଷିତ ରଖିବା କଷ୍ଟକର ହେଉଛି। ପଞ୍ଚାୟତ ଅଫିସ ପାଇଁ ଶୀଘ୍ର ନିଜସ୍ୱ ଘର ନିର୍ମାଣ କରାଯାଉ ବୋଲି ଦାବି ହେଉଛି।
ଜିଲ୍ଲାସ୍ତରୀୟ ଜଗନ୍ନାଥ କଥା ଆଲୋଚନାରେ
ଜଗନ୍ନାଥ କଥାରେ
କେନ୍ଦୁଝର, (ନିଜ ପ୍ରତିନିଧି) : ଜିଲ୍ଲାସ୍ତରୀୟ ଜଗନ୍ନାଥ କଥା ଆଲୋଚନା କାର୍ଯ୍ୟକ୍ରମ ଅନୁଷ୍ଠିତ ହୋଇଯାଇଛି। ଏଥିରେ ବହୁ ଭକ୍ତ ଓ ବିଦ୍ୱାନ ଯୋଗ ଦେଇଥିଲେ। ମହାପ୍ରଭୁଙ୍କ ସଂସ୍କୃତି ଓ ଓଡ଼ିଆ ଜାତିର ପରିଚୟ ବିଷୟରେ ଆଲୋଚନା ହୋଇଥିଲା। ଭଜନ ଓ କୀର୍ତ୍ତନ ମାଧ୍ୟମରେ ପରିବେଶ ଭକ୍ତିମୟ ହୋଇଉଠିଥିଲା।
କେନ୍ଦୁଝର, (ନିଜ ପ୍ରତିନିଧି) : ଓଡ଼ିଆ ଭାଷା ପ୍ରଚାର ଓ ପ୍ରସାର ପାଇଁ ଏକ କାର୍ଯ୍ୟକ୍ରମ ଅନୁଷ୍ଠିତ ହୋଇଯାଇଛି। ଏଥିରେ ଭାଷାପ୍ରେମୀ ଓ ସାହିତ୍ୟିକମାନେ ଯୋଗ ଦେଇଥିଲେ। ଶାସ୍ତ୍ରୀୟ ଭାଷା ମାନ୍ୟତା ପାଇଥିବା ଓଡ଼ିଆ ଭାଷାର ବ୍ୟବହାର ସରକାରୀ କାମରେ ବଢ଼ାଇବା ପାଇଁ ଆହ୍ୱାନ ଦିଆଯାଇଥିଲା। ବିଶିଷ୍ଟ ବ୍ୟକ୍ତିମାନଙ୍କୁ ସମ୍ମାନିତ କରାଯାଇଥିଲା।
କେନ୍ଦୁଝର, (ନିଜ ପ୍ରତିନିଧି) : ଜିଲ୍ଲା ମୁଖ୍ୟାଳୟରେ ବିଶାଳ ସୁଭଦ୍ରା ଶକ୍ତି ଋଣ ବଣ୍ଟନ ମେଳା ଅନୁଷ୍ଠିତ ହୋଇଯାଇଛି। ଏଥିରେ ମୁଖ୍ୟ ଅତିଥି ଭାବେ ଯୋଗଦେଇ ମହିଳା ସ୍ୱୟଂ ସହାୟକ ଗୋଷ୍ଠୀମାନଙ୍କୁ ଋଣ ବଣ୍ଟନ କରାଯାଇଥିଲା। ଜିଲ୍ଲାର ବିଭିନ୍ନ ବ୍ଲକରୁ ଶହ ଶହ ମହିଳା ଯୋଗ ଦେଇଥିଲେ। ମହିଳାମାନେ ନିଜ ଉତ୍ପାଦ ପ୍ରଦର୍ଶନ କରିଥିଲେ। ବ୍ୟାଙ୍କ ଅଧିକାରୀ ଓ ମିଶନ ଶକ୍ତି କର୍ମଚାରୀ ଉପସ୍ଥିତ ଥିଲେ। ଏହି ମେଳା ମାଧ୍ୟମରେ ମହିଳାମାନେ ଆର୍ଥିକ ସ୍ୱାବଲମ୍ବୀ ହେବା ସହ ଛୋଟ ବ୍ୟବସାୟ ଆରମ୍ଭ କରିପାରିବେ ବୋଲି ଅତିଥିମାନେ କହିଥିଲେ।
କେନ୍ଦୁଝର, (ନିଜ ପ୍ରତିନିଧି) : ଓଡ଼ିଆ ଭାଷା ପ୍ରଚାର ଓ ପ୍ରସାର ପାଇଁ ଏକ କାର୍ଯ୍ୟକ୍ରମ ଅନୁଷ୍ଠିତ ହୋଇଯାଇଛି। ଏଥିରେ ଭାଷାପ୍ରେମୀ ଓ ସାହିତ୍ୟିକମାନେ ଯୋଗ ଦେଇଥିଲେ। ଶାସ୍ତ୍ରୀୟ ଭାଷା ମାନ୍ୟତା ପାଇଥିବା ଓଡ଼ିଆ ଭାଷାର ବ୍ୟବହାର ସରକାରୀ କାମରେ ବଢ଼ାଇବା ପାଇଁ ଆହ୍ୱାନ ଦିଆଯାଇଥିଲା। ବିଶିଷ୍ଟ ବ୍ୟକ୍ତିମାନଙ୍କୁ ସମ୍ମାନିତ କରାଯାଇଥିଲା।
